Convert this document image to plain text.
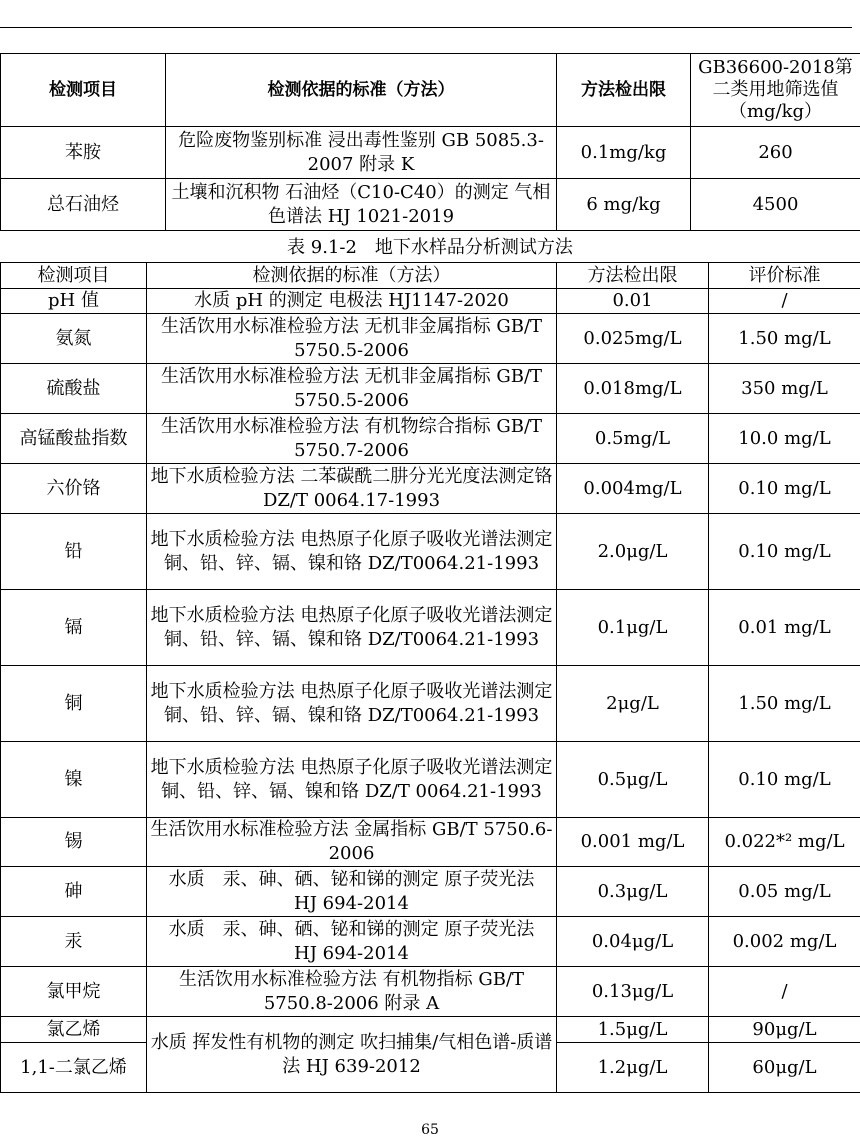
检测项目	检测依据的标准（方法）	方法检出限	GB36600-2018第二类用地筛选值（mg/kg）
苯胺	危险废物鉴别标准 浸出毒性鉴别 GB 5085.3-2007 附录 K	0.1mg/kg	260
总石油烃	土壤和沉积物 石油烃（C10-C40）的测定 气相色谱法 HJ 1021-2019	6 mg/kg	4500
表 9.1-2　地下水样品分析测试方法
检测项目	检测依据的标准（方法）	方法检出限	评价标准
pH 值	水质 pH 的测定 电极法 HJ1147-2020	0.01	/
氨氮	生活饮用水标准检验方法 无机非金属指标 GB/T 5750.5-2006	0.025mg/L	1.50 mg/L
硫酸盐	生活饮用水标准检验方法 无机非金属指标 GB/T 5750.5-2006	0.018mg/L	350 mg/L
高锰酸盐指数	生活饮用水标准检验方法 有机物综合指标 GB/T 5750.7-2006	0.5mg/L	10.0 mg/L
六价铬	地下水质检验方法 二苯碳酰二肼分光光度法测定铬　DZ/T 0064.17-1993	0.004mg/L	0.10 mg/L
铅	地下水质检验方法 电热原子化原子吸收光谱法测定铜、铅、锌、镉、镍和铬 DZ/T0064.21-1993	2.0μg/L	0.10 mg/L
镉	地下水质检验方法 电热原子化原子吸收光谱法测定铜、铅、锌、镉、镍和铬 DZ/T0064.21-1993	0.1μg/L	0.01 mg/L
铜	地下水质检验方法 电热原子化原子吸收光谱法测定铜、铅、锌、镉、镍和铬 DZ/T0064.21-1993	2μg/L	1.50 mg/L
镍	地下水质检验方法 电热原子化原子吸收光谱法测定铜、铅、锌、镉、镍和铬 DZ/T 0064.21-1993	0.5μg/L	0.10 mg/L
锡	生活饮用水标准检验方法 金属指标 GB/T 5750.6-2006	0.001 mg/L	0.022*² mg/L
砷	水质　汞、砷、硒、铋和锑的测定 原子荧光法　HJ 694-2014	0.3μg/L	0.05 mg/L
汞	水质　汞、砷、硒、铋和锑的测定 原子荧光法　HJ 694-2014	0.04μg/L	0.002 mg/L
氯甲烷	生活饮用水标准检验方法 有机物指标 GB/T 5750.8-2006 附录 A	0.13μg/L	/
氯乙烯	水质 挥发性有机物的测定 吹扫捕集/气相色谱-质谱法 HJ 639-2012	1.5μg/L	90μg/L
1,1-二氯乙烯		1.2μg/L	60μg/L
65
